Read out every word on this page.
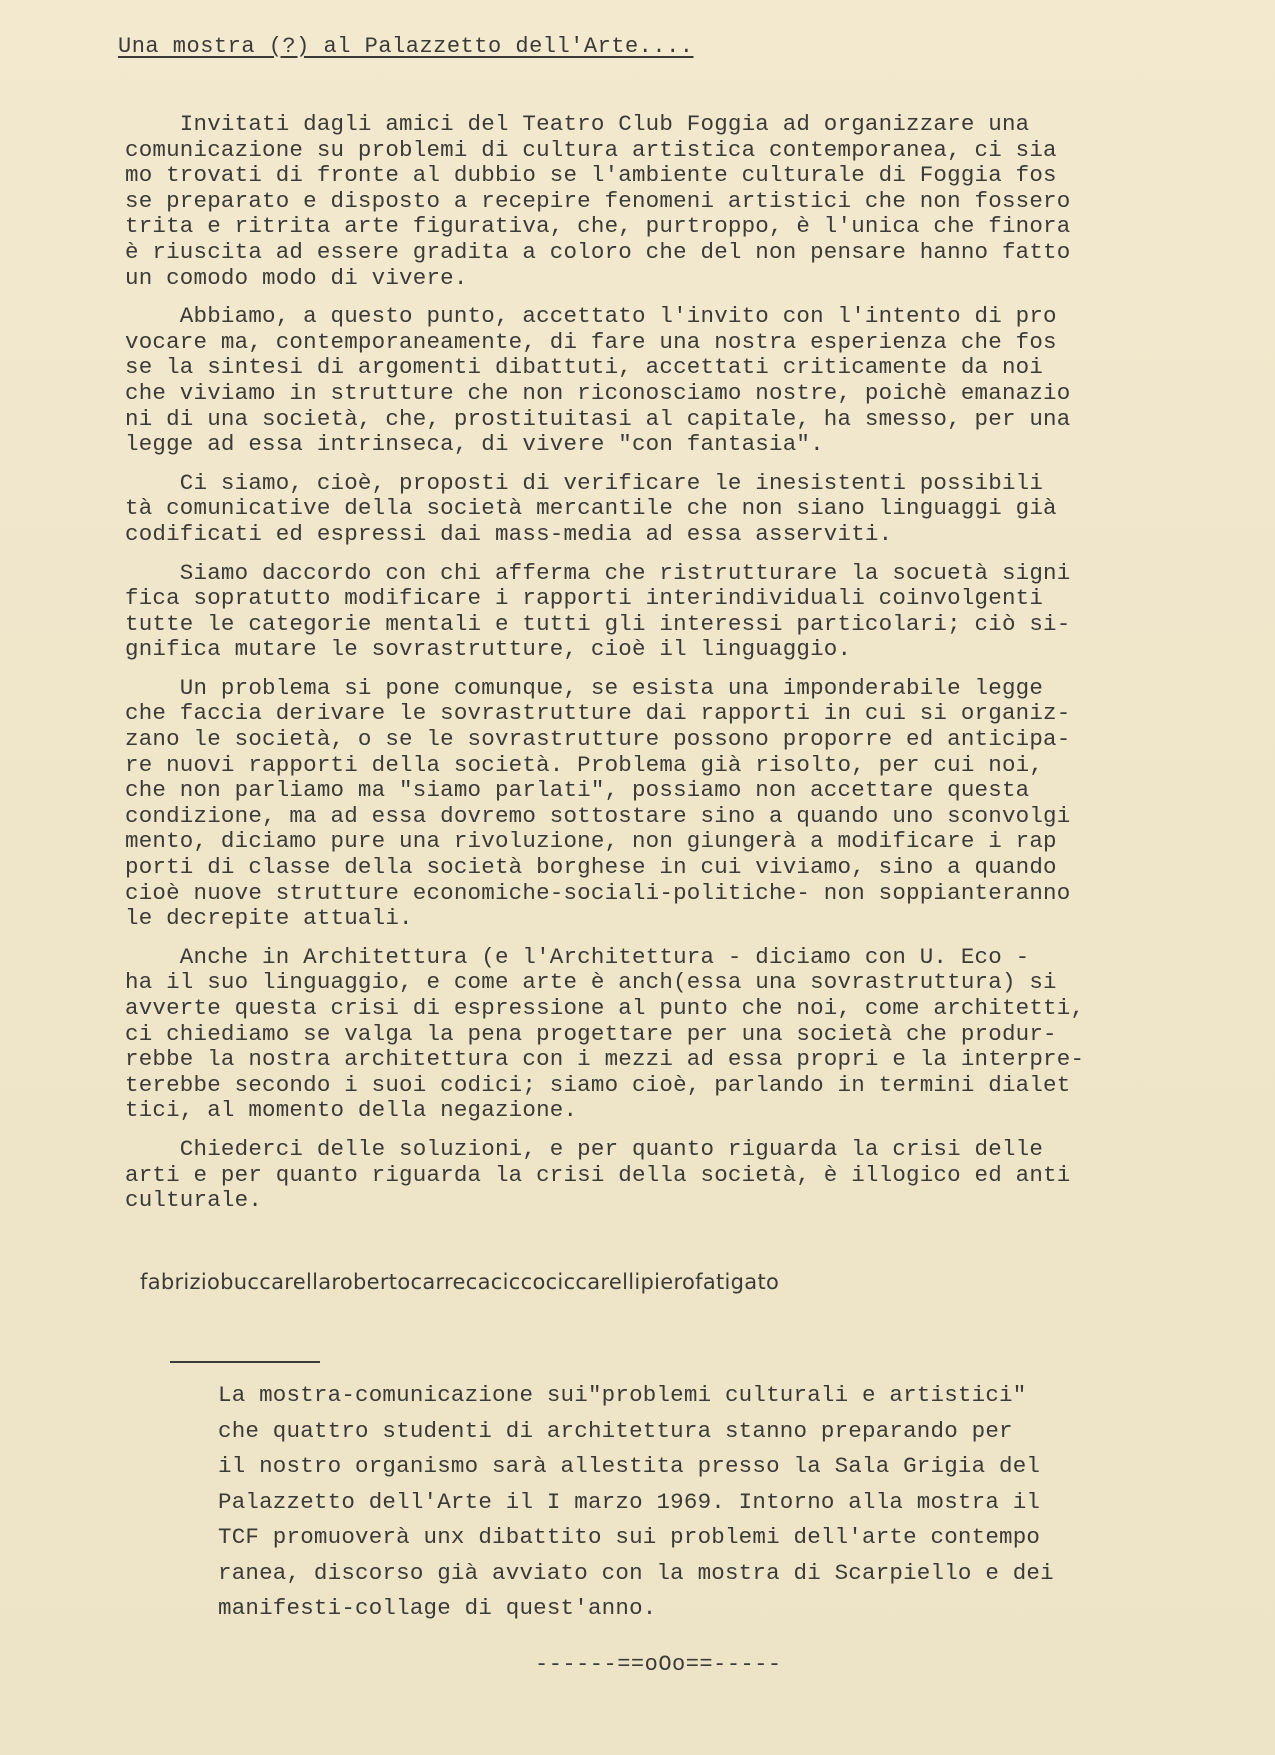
Una mostra (?) al Palazzetto dell'Arte....
Invitati dagli amici del Teatro Club Foggia ad organizzare una
comunicazione su problemi di cultura artistica contemporanea, ci sia
mo trovati di fronte al dubbio se l'ambiente culturale di Foggia fos
se preparato e disposto a recepire fenomeni artistici che non fossero
trita e ritrita arte figurativa, che, purtroppo, è l'unica che finora
è riuscita ad essere gradita a coloro che del non pensare hanno fatto
un comodo modo di vivere.
Abbiamo, a questo punto, accettato l'invito con l'intento di pro
vocare ma, contemporaneamente, di fare una nostra esperienza che fos
se la sintesi di argomenti dibattuti, accettati criticamente da noi
che viviamo in strutture che non riconosciamo nostre, poichè emanazio
ni di una società, che, prostituitasi al capitale, ha smesso, per una
legge ad essa intrinseca, di vivere "con fantasia".
Ci siamo, cioè, proposti di verificare le inesistenti possibili
tà comunicative della società mercantile che non siano linguaggi già
codificati ed espressi dai mass-media ad essa asserviti.
Siamo daccordo con chi afferma che ristrutturare la socuetà signi
fica sopratutto modificare i rapporti interindividuali coinvolgenti
tutte le categorie mentali e tutti gli interessi particolari; ciò si-
gnifica mutare le sovrastrutture, cioè il linguaggio.
Un problema si pone comunque, se esista una imponderabile legge
che faccia derivare le sovrastrutture dai rapporti in cui si organiz-
zano le società, o se le sovrastrutture possono proporre ed anticipa-
re nuovi rapporti della società. Problema già risolto, per cui noi,
che non parliamo ma "siamo parlati", possiamo non accettare questa
condizione, ma ad essa dovremo sottostare sino a quando uno sconvolgi
mento, diciamo pure una rivoluzione, non giungerà a modificare i rap
porti di classe della società borghese in cui viviamo, sino a quando
cioè nuove strutture economiche-sociali-politiche- non soppianteranno
le decrepite attuali.
Anche in Architettura (e l'Architettura - diciamo con U. Eco -
ha il suo linguaggio, e come arte è anch(essa una sovrastruttura) si
avverte questa crisi di espressione al punto che noi, come architetti,
ci chiediamo se valga la pena progettare per una società che produr-
rebbe la nostra architettura con i mezzi ad essa propri e la interpre-
terebbe secondo i suoi codici; siamo cioè, parlando in termini dialet
tici, al momento della negazione.
Chiederci delle soluzioni, e per quanto riguarda la crisi delle
arti e per quanto riguarda la crisi della società, è illogico ed anti
culturale.
fabriziobuccarellarobertocarrecaciccociccarellipierofatigato
La mostra-comunicazione sui"problemi culturali e artistici"
che quattro studenti di architettura stanno preparando per
il nostro organismo sarà allestita presso la Sala Grigia del
Palazzetto dell'Arte il I marzo 1969. Intorno alla mostra il
TCF promuoverà unx dibattito sui problemi dell'arte contempo
ranea, discorso già avviato con la mostra di Scarpiello e dei
manifesti-collage di quest'anno.
------==oOo==-----
